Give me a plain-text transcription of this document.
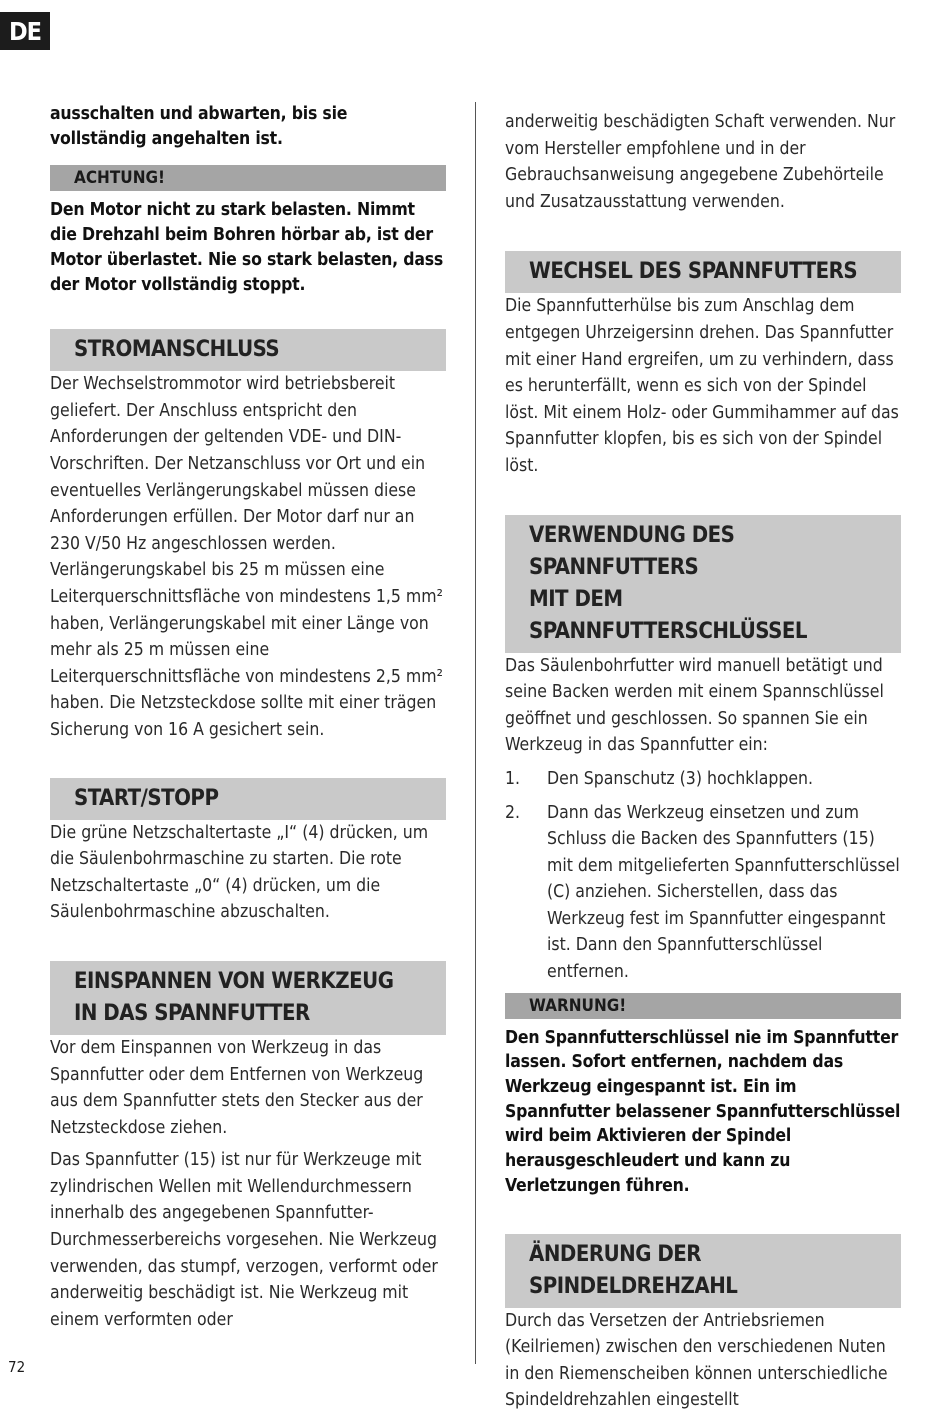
DE

ausschalten und abwarten, bis sie vollständig angehalten ist.

ACHTUNG!

Den Motor nicht zu stark belasten. Nimmt die Drehzahl beim Bohren hörbar ab, ist der Motor überlastet. Nie so stark belasten, dass der Motor vollständig stoppt.

STROMANSCHLUSS

Der Wechselstrommotor wird betriebsbereit geliefert. Der Anschluss entspricht den Anforderungen der geltenden VDE- und DIN-Vorschriften. Der Netzanschluss vor Ort und ein eventuelles Verlängerungskabel müssen diese Anforderungen erfüllen. Der Motor darf nur an 230 V/50 Hz angeschlossen werden. Verlängerungskabel bis 25 m müssen eine Leiterquerschnittsfläche von mindestens 1,5 mm² haben, Verlängerungskabel mit einer Länge von mehr als 25 m müssen eine Leiterquerschnittsfläche von mindestens 2,5 mm² haben. Die Netzsteckdose sollte mit einer trägen Sicherung von 16 A gesichert sein.

START/STOPP

Die grüne Netzschaltertaste „I“ (4) drücken, um die Säulenbohrmaschine zu starten. Die rote Netzschaltertaste „0“ (4) drücken, um die Säulenbohrmaschine abzuschalten.

EINSPANNEN VON WERKZEUG IN DAS SPANNFUTTER

Vor dem Einspannen von Werkzeug in das Spannfutter oder dem Entfernen von Werkzeug aus dem Spannfutter stets den Stecker aus der Netzsteckdose ziehen.

Das Spannfutter (15) ist nur für Werkzeuge mit zylindrischen Wellen mit Wellendurchmessern innerhalb des angegebenen Spannfutter-Durchmesserbereichs vorgesehen. Nie Werkzeug verwenden, das stumpf, verzogen, verformt oder anderweitig beschädigt ist. Nie Werkzeug mit einem verformten oder

anderweitig beschädigten Schaft verwenden. Nur vom Hersteller empfohlene und in der Gebrauchsanweisung angegebene Zubehörteile und Zusatzausstattung verwenden.

WECHSEL DES SPANNFUTTERS

Die Spannfutterhülse bis zum Anschlag dem entgegen Uhrzeigersinn drehen. Das Spannfutter mit einer Hand ergreifen, um zu verhindern, dass es herunterfällt, wenn es sich von der Spindel löst. Mit einem Holz- oder Gummihammer auf das Spannfutter klopfen, bis es sich von der Spindel löst.

VERWENDUNG DES SPANNFUTTERS
MIT DEM SPANNFUTTERSCHLÜSSEL

Das Säulenbohrfutter wird manuell betätigt und seine Backen werden mit einem Spannschlüssel geöffnet und geschlossen. So spannen Sie ein Werkzeug in das Spannfutter ein:

1. Den Spanschutz (3) hochklappen.
2. Dann das Werkzeug einsetzen und zum Schluss die Backen des Spannfutters (15) mit dem mitgelieferten Spannfutterschlüssel (C) anziehen. Sicherstellen, dass das Werkzeug fest im Spannfutter eingespannt ist. Dann den Spannfutterschlüssel entfernen.
WARNUNG!

Den Spannfutterschlüssel nie im Spannfutter lassen. Sofort entfernen, nachdem das Werkzeug eingespannt ist. Ein im Spannfutter belassener Spannfutterschlüssel wird beim Aktivieren der Spindel herausgeschleudert und kann zu Verletzungen führen.

ÄNDERUNG DER SPINDELDREHZAHL

Durch das Versetzen der Antriebsriemen (Keilriemen) zwischen den verschiedenen Nuten in den Riemenscheiben können unterschiedliche Spindeldrehzahlen eingestellt

72
